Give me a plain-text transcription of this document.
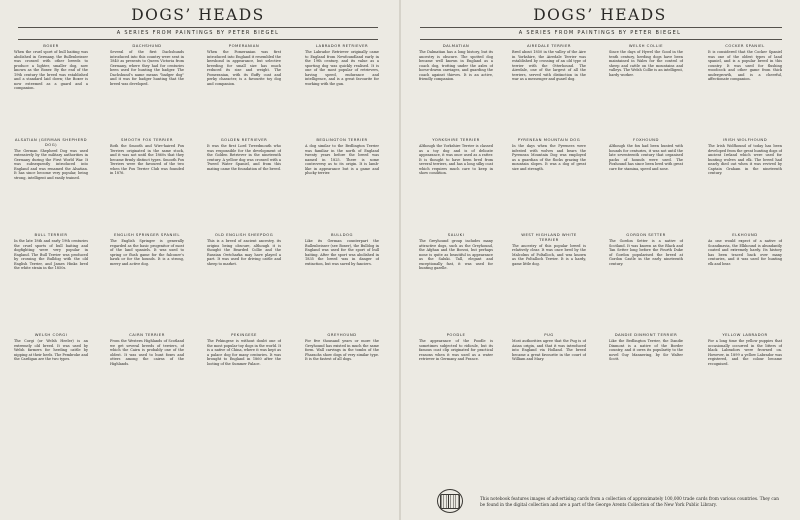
DOGS’ HEADS	DOGS’ HEADS
A SERIES FROM PAINTINGS BY PETER BIEGEL	A SERIES FROM PAINTINGS BY PETER BIEGEL
BOXER

When the cruel sport of bull baiting was abolished in Germany, the Bullenbeisser was crossed with other breeds to produce a lighter, smaller dog, now known as the Boxer. By the end of the 19th century the breed was established and a standard laid down; the Boxer is now esteemed as a guard and a companion.

DACHSHUND

Several of the first Dachshunds introduced into this country were sent in 1840 as presents to Queen Victoria from Germany, where they had for centuries been used for hunting the badger. The Dachshund’s name means "badger dog" and it was for badger hunting that the breed was developed.

POMERANIAN

When the Pomeranian was first introduced into England it resembled the keeshond in appearance, but selective breeding for small size has much reduced its size and weight. The Pomeranian, with its fluffy coat and perky character, is a favourite toy dog and companion.

LABRADOR RETRIEVER

The Labrador Retriever originally came to England from Newfoundland early in the 19th century, and its value as a sporting dog was quickly realised. It is one of the most popular of retrievers, having speed, endurance and intelligence, and is a great favourite for working with the gun.

DALMATIAN

The Dalmatian has a long history, but its ancestry is obscure. The spotted dog became well known in England as a coach dog, trotting under the axles of horse-drawn carriages, and guarding the coach against thieves. It is an active, friendly companion.

AIREDALE TERRIER

Bred about 1850 in the valley of the Aire in Yorkshire, the Airedale Terrier was established by crossing of an old type of terrier with the Otterhound. The Airedale, one of the largest of all the terriers, served with distinction in the war as a messenger and guard dog.

WELSH COLLIE

Since the days of Hywel the Good in the tenth century, herding dogs have been maintained in Wales for the control of sheep and cattle on the mountains and valleys. The Welsh Collie is an intelligent, hardy worker.

COCKER SPANIEL

It is considered that the Cocker Spaniel was one of the oldest types of land spaniel, and is a popular breed in this country. It was used for flushing woodcock and other game from thick undergrowth, and is a cheerful, affectionate companion.

ALSATIAN (GERMAN SHEPHERD DOG)

The German Shepherd Dog was used extensively by the military authorities in Germany during the First World War. It was subsequently introduced into England and was renamed the Alsatian. It has since become very popular, being strong, intelligent and easily trained.

SMOOTH FOX TERRIER

Both the Smooth and Wire-haired Fox Terriers originated in the same stock, and it was not until the 1860s that they became firmly distinct types. Smooth Fox Terriers were the favoured of the two when the Fox Terrier Club was founded in 1876.

GOLDEN RETRIEVER

It was the first Lord Tweedmouth who was responsible for the development of the Golden Retriever in the nineteenth century. A yellow dog was crossed with a Tweed Water Spaniel, and from this mating came the foundation of the breed.

BEDLINGTON TERRIER

A dog similar to the Bedlington Terrier was familiar in the north of England twenty years before the breed was named in 1825. There is some controversy as to its origin. It is lamb-like in appearance but is a game and plucky terrier.

YORKSHIRE TERRIER

Although the Yorkshire Terrier is classed as a toy dog and is of delicate appearance, it was once used as a ratter. It is thought to have been bred from several terriers, and has a long silky coat which requires much care to keep in show condition.

PYRENEAN MOUNTAIN DOG

In the days when the Pyrenees were infested with wolves and bears the Pyrenean Mountain Dog was employed as a guardian of the flocks grazing the mountain slopes. It was a dog of great size and strength.

FOXHOUND

Although the fox had been hunted with hounds for centuries, it was not until the late seventeenth century that organised packs of hounds were used. The Foxhound has since been bred with great care for stamina, speed and nose.

IRISH WOLFHOUND

The Irish Wolfhound of today has been developed from the great hunting dogs of ancient Ireland which were used for hunting wolves and elk. The breed had nearly died out when it was revived by Captain Graham in the nineteenth century.

BULL TERRIER

In the late 18th and early 19th centuries the cruel sports of bull baiting and dogfighting were very popular in England. The Bull Terrier was produced by crossing the Bulldog with the old English Terrier, and James Hinks bred the white strain in the 1850s.

ENGLISH SPRINGER SPANIEL

The English Springer is generally regarded as the basic progenitor of most of the land spaniels. It was used to spring or flush game for the falconer’s hawk or for the hounds. It is a strong, merry and active dog.

OLD ENGLISH SHEEPDOG

This is a breed of ancient ancestry, its origins being obscure, although it is thought the Bearded Collie and the Russian Owtcharka may have played a part. It was used for driving cattle and sheep to market.

BULLDOG

Like its German counterpart the Bullenbeisser (see Boxer), the Bulldog in England was used for the sport of bull baiting. After the sport was abolished in 1835 the breed was in danger of extinction, but was saved by fanciers.

SALUKI

The Greyhound group includes many attractive dogs, such as the Greyhound, the Afghan and the Borzoi, but perhaps none is quite as beautiful in appearance as the Saluki. Tall, elegant and exceptionally fast, it was used for hunting gazelle.

WEST HIGHLAND WHITE TERRIER

The ancestry of this popular breed is relatively clear. It was once bred by the Malcolms of Poltalloch, and was known as the Poltalloch Terrier. It is a hardy, game little dog.

GORDON SETTER

The Gordon Setter is a native of Scotland. It was known as the Black and Tan Setter long before the Fourth Duke of Gordon popularised the breed at Gordon Castle in the early nineteenth century.

ELKHOUND

As one would expect of a native of Scandinavia, the Elkhound is abundantly coated and extremely hardy. Its history has been traced back over many centuries, and it was used for hunting elk and bear.

WELSH CORGI

The Corgi (or Welsh Heeler) is an extremely old breed. It was used by Welsh farmers for herding cattle by nipping at their heels. The Pembroke and the Cardigan are the two types.

CAIRN TERRIER

From the Western Highlands of Scotland we get several breeds of terriers, of which the Cairn is probably one of the oldest. It was used to hunt foxes and otters among the cairns of the Highlands.

PEKINGESE

The Pekingese is without doubt one of the most popular toy dogs in the world. It is a native of China, where it was kept as a palace dog for many centuries. It was brought to England in 1860 after the looting of the Summer Palace.

GREYHOUND

For five thousand years or more the Greyhound has existed in much the same form. Wall carvings in the tombs of the Pharaohs show dogs of very similar type. It is the fastest of all dogs.

POODLE

The appearance of the Poodle is sometimes subjected to ridicule, but its famous coat clip originated for practical reasons when it was used as a water retriever in Germany and France.

PUG

Most authorities agree that the Pug is of Asian origin, and that it was introduced into England via Holland. The breed became a great favourite in the court of William and Mary.

DANDIE DINMONT TERRIER

Like the Bedlington Terrier, the Dandie Dinmont is a native of the Border country, and it owes its popularity to the novel Guy Mannering, by Sir Walter Scott.

YELLOW LABRADOR

For a long time the yellow puppies that occasionally occurred in the litters of black Labradors were frowned on. However, in 1899 a yellow Labrador was registered, and the colour became recognised.

This notebook features images of advertising cards from a collection of approximately 100,000 trade cards from various countries. They can be found in the digital collection and are a part of the George Arents Collection of the New York Public Library.
